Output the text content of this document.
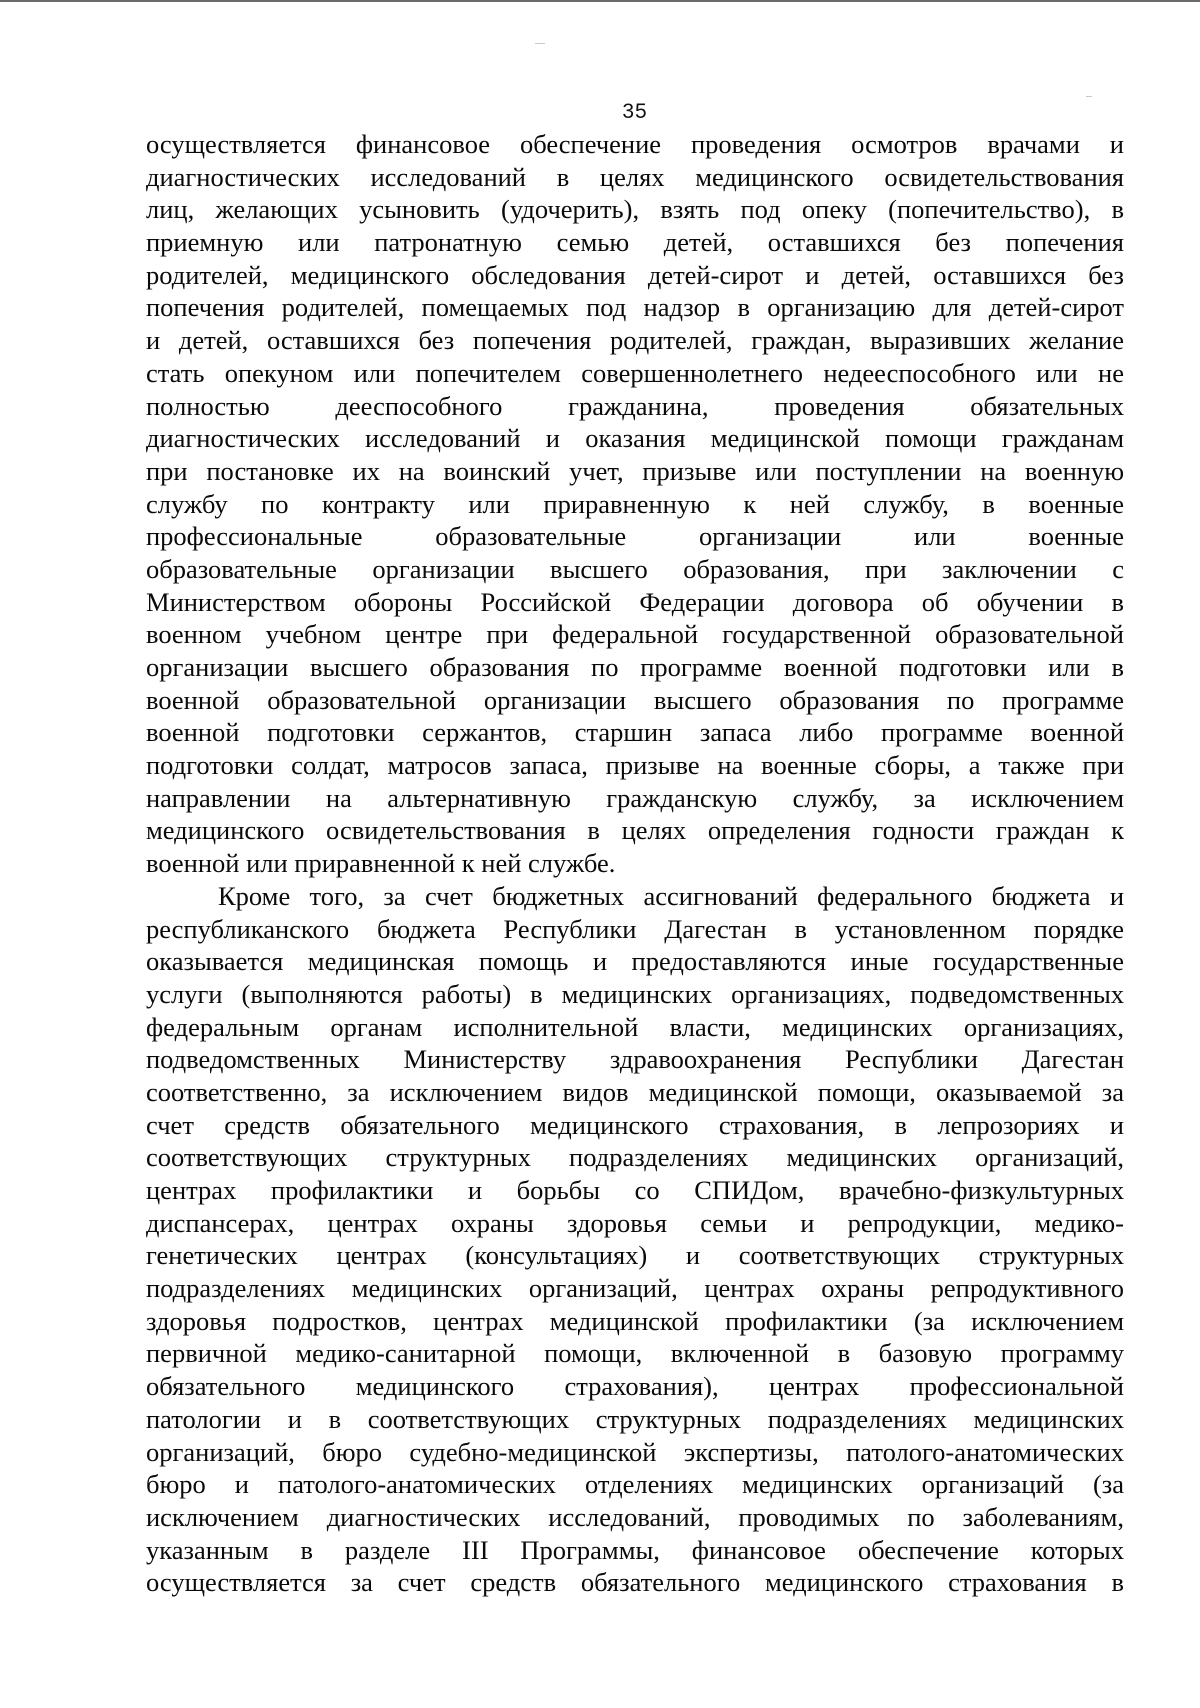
35
осуществляется финансовое обеспечение проведения осмотров врачами и
диагностических исследований в целях медицинского освидетельствования
лиц, желающих усыновить (удочерить), взять под опеку (попечительство), в
приемную или патронатную семью детей, оставшихся без попечения
родителей, медицинского обследования детей-сирот и детей, оставшихся без
попечения родителей, помещаемых под надзор в организацию для детей-сирот
и детей, оставшихся без попечения родителей, граждан, выразивших желание
стать опекуном или попечителем совершеннолетнего недееспособного или не
полностью дееспособного гражданина, проведения обязательных
диагностических исследований и оказания медицинской помощи гражданам
при постановке их на воинский учет, призыве или поступлении на военную
службу по контракту или приравненную к ней службу, в военные
профессиональные образовательные организации или военные
образовательные организации высшего образования, при заключении с
Министерством обороны Российской Федерации договора об обучении в
военном учебном центре при федеральной государственной образовательной
организации высшего образования по программе военной подготовки или в
военной образовательной организации высшего образования по программе
военной подготовки сержантов, старшин запаса либо программе военной
подготовки солдат, матросов запаса, призыве на военные сборы, а также при
направлении на альтернативную гражданскую службу, за исключением
медицинского освидетельствования в целях определения годности граждан к
военной или приравненной к ней службе.
Кроме того, за счет бюджетных ассигнований федерального бюджета и
республиканского бюджета Республики Дагестан в установленном порядке
оказывается медицинская помощь и предоставляются иные государственные
услуги (выполняются работы) в медицинских организациях, подведомственных
федеральным органам исполнительной власти, медицинских организациях,
подведомственных Министерству здравоохранения Республики Дагестан
соответственно, за исключением видов медицинской помощи, оказываемой за
счет средств обязательного медицинского страхования, в лепрозориях и
соответствующих структурных подразделениях медицинских организаций,
центрах профилактики и борьбы со СПИДом, врачебно-физкультурных
диспансерах, центрах охраны здоровья семьи и репродукции, медико-
генетических центрах (консультациях) и соответствующих структурных
подразделениях медицинских организаций, центрах охраны репродуктивного
здоровья подростков, центрах медицинской профилактики (за исключением
первичной медико-санитарной помощи, включенной в базовую программу
обязательного медицинского страхования), центрах профессиональной
патологии и в соответствующих структурных подразделениях медицинских
организаций, бюро судебно-медицинской экспертизы, патолого-анатомических
бюро и патолого-анатомических отделениях медицинских организаций (за
исключением диагностических исследований, проводимых по заболеваниям,
указанным в разделе III Программы, финансовое обеспечение которых
осуществляется за счет средств обязательного медицинского страхования в
